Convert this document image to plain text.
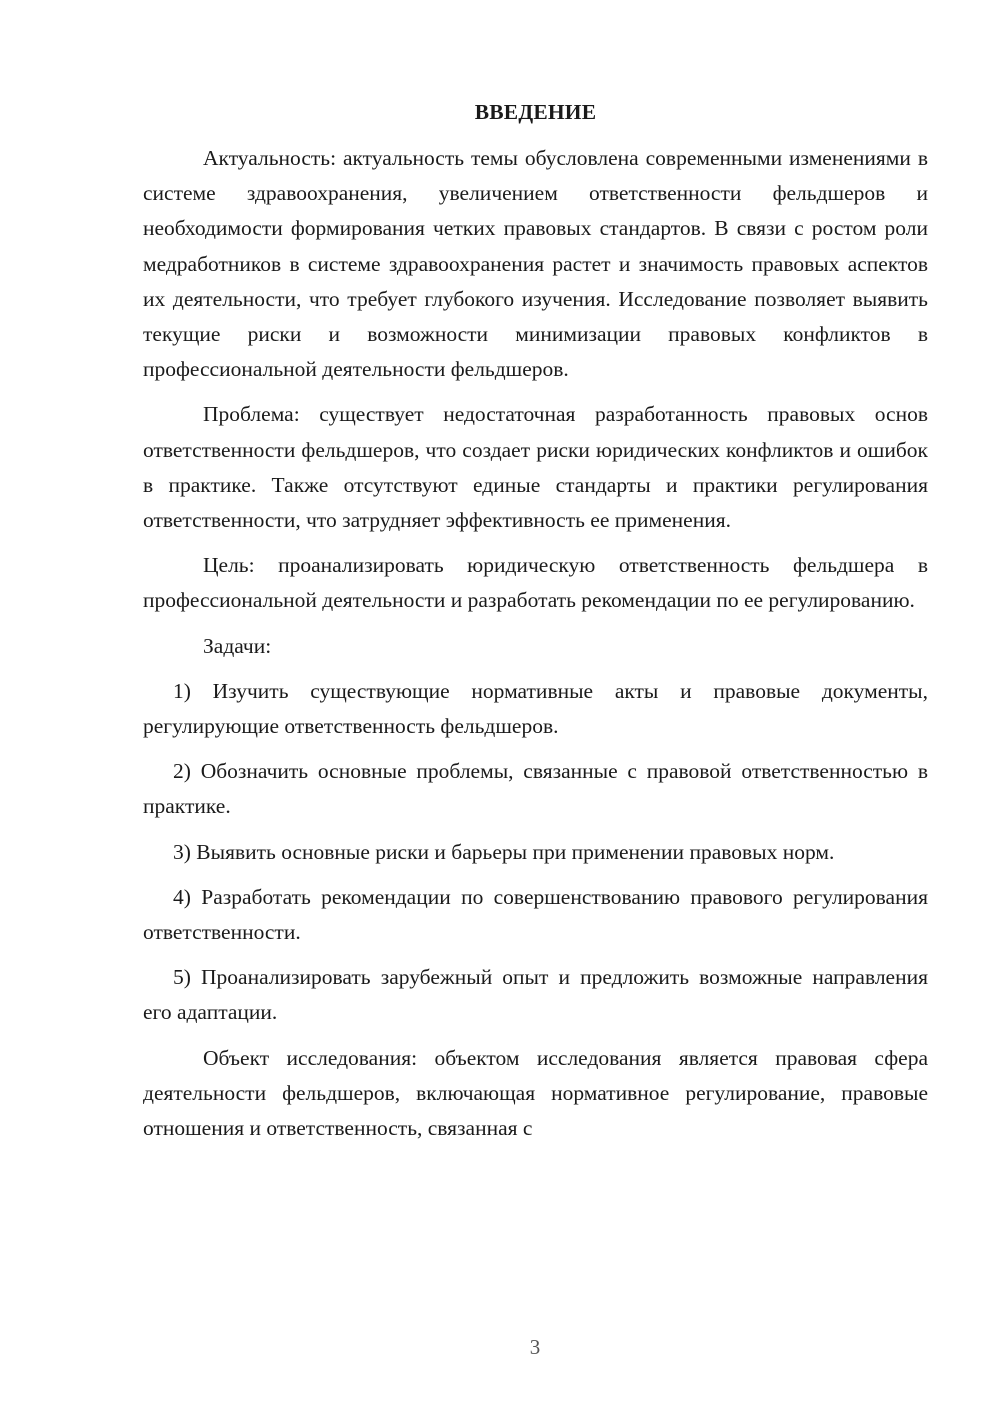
ВВЕДЕНИЕ

Актуальность: актуальность темы обусловлена современными изменениями в системе здравоохранения, увеличением ответственности фельдшеров и необходимости формирования четких правовых стандартов. В связи с ростом роли медработников в системе здравоохранения растет и значимость правовых аспектов их деятельности, что требует глубокого изучения. Исследование позволяет выявить текущие риски и возможности минимизации правовых конфликтов в профессиональной деятельности фельдшеров.

Проблема: существует недостаточная разработанность правовых основ ответственности фельдшеров, что создает риски юридических конфликтов и ошибок в практике. Также отсутствуют единые стандарты и практики регулирования ответственности, что затрудняет эффективность ее применения.

Цель: проанализировать юридическую ответственность фельдшера в профессиональной деятельности и разработать рекомендации по ее регулированию.

Задачи:

1) Изучить существующие нормативные акты и правовые документы, регулирующие ответственность фельдшеров.

2) Обозначить основные проблемы, связанные с правовой ответственностью в практике.

3) Выявить основные риски и барьеры при применении правовых норм.

4) Разработать рекомендации по совершенствованию правового регулирования ответственности.

5) Проанализировать зарубежный опыт и предложить возможные направления его адаптации.

Объект исследования: объектом исследования является правовая сфера деятельности фельдшеров, включающая нормативное регулирование, правовые отношения и ответственность, связанная с

3
